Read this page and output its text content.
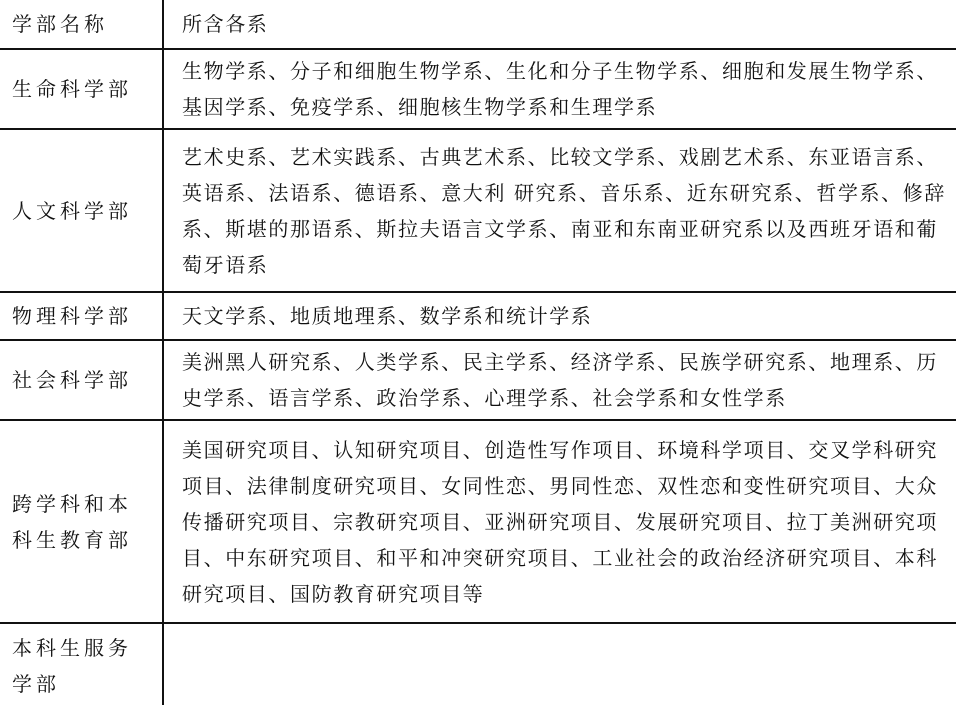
学部名称	所含各系
生命科学部	生物学系、分子和细胞生物学系、生化和分子生物学系、细胞和发展生物学系、基因学系、免疫学系、细胞核生物学系和生理学系
人文科学部	艺术史系、艺术实践系、古典艺术系、比较文学系、戏剧艺术系、东亚语言系、英语系、法语系、德语系、意大利 研究系、音乐系、近东研究系、哲学系、修辞系、斯堪的那语系、斯拉夫语言文学系、南亚和东南亚研究系以及西班牙语和葡萄牙语系
物理科学部	天文学系、地质地理系、数学系和统计学系
社会科学部	美洲黑人研究系、人类学系、民主学系、经济学系、民族学研究系、地理系、历史学系、语言学系、政治学系、心理学系、社会学系和女性学系
跨学科和本科生教育部	美国研究项目、认知研究项目、创造性写作项目、环境科学项目、交叉学科研究项目、法律制度研究项目、女同性恋、男同性恋、双性恋和变性研究项目、大众传播研究项目、宗教研究项目、亚洲研究项目、发展研究项目、拉丁美洲研究项目、中东研究项目、和平和冲突研究项目、工业社会的政治经济研究项目、本科研究项目、国防教育研究项目等
本科生服务学部	
